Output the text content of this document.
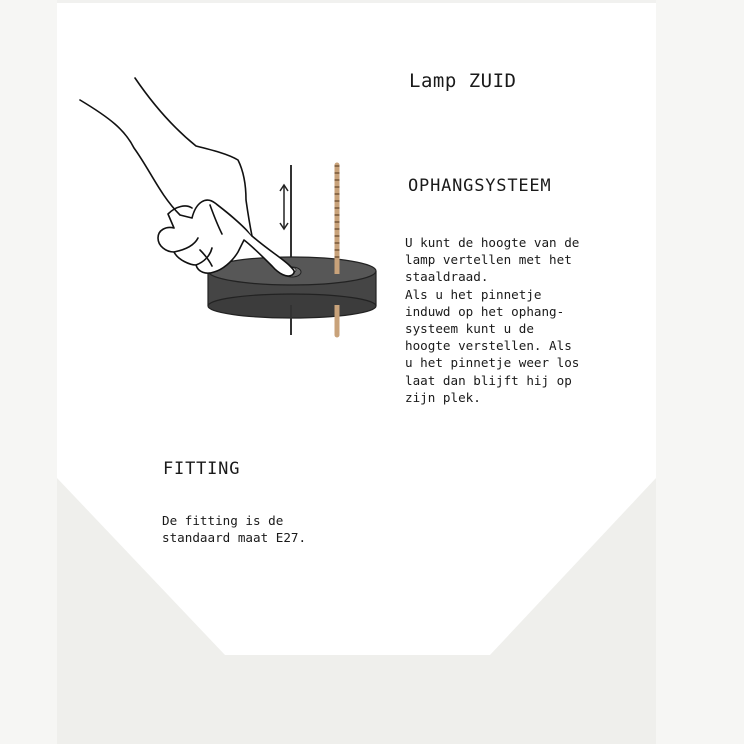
Lamp ZUID
OPHANGSYSTEEM
U kunt de hoogte van de
lamp vertellen met het
staaldraad.
Als u het pinnetje
induwd op het ophang-
systeem kunt u de
hoogte verstellen. Als
u het pinnetje weer los
laat dan blijft hij op
zijn plek.
FITTING
De fitting is de
standaard maat E27.
